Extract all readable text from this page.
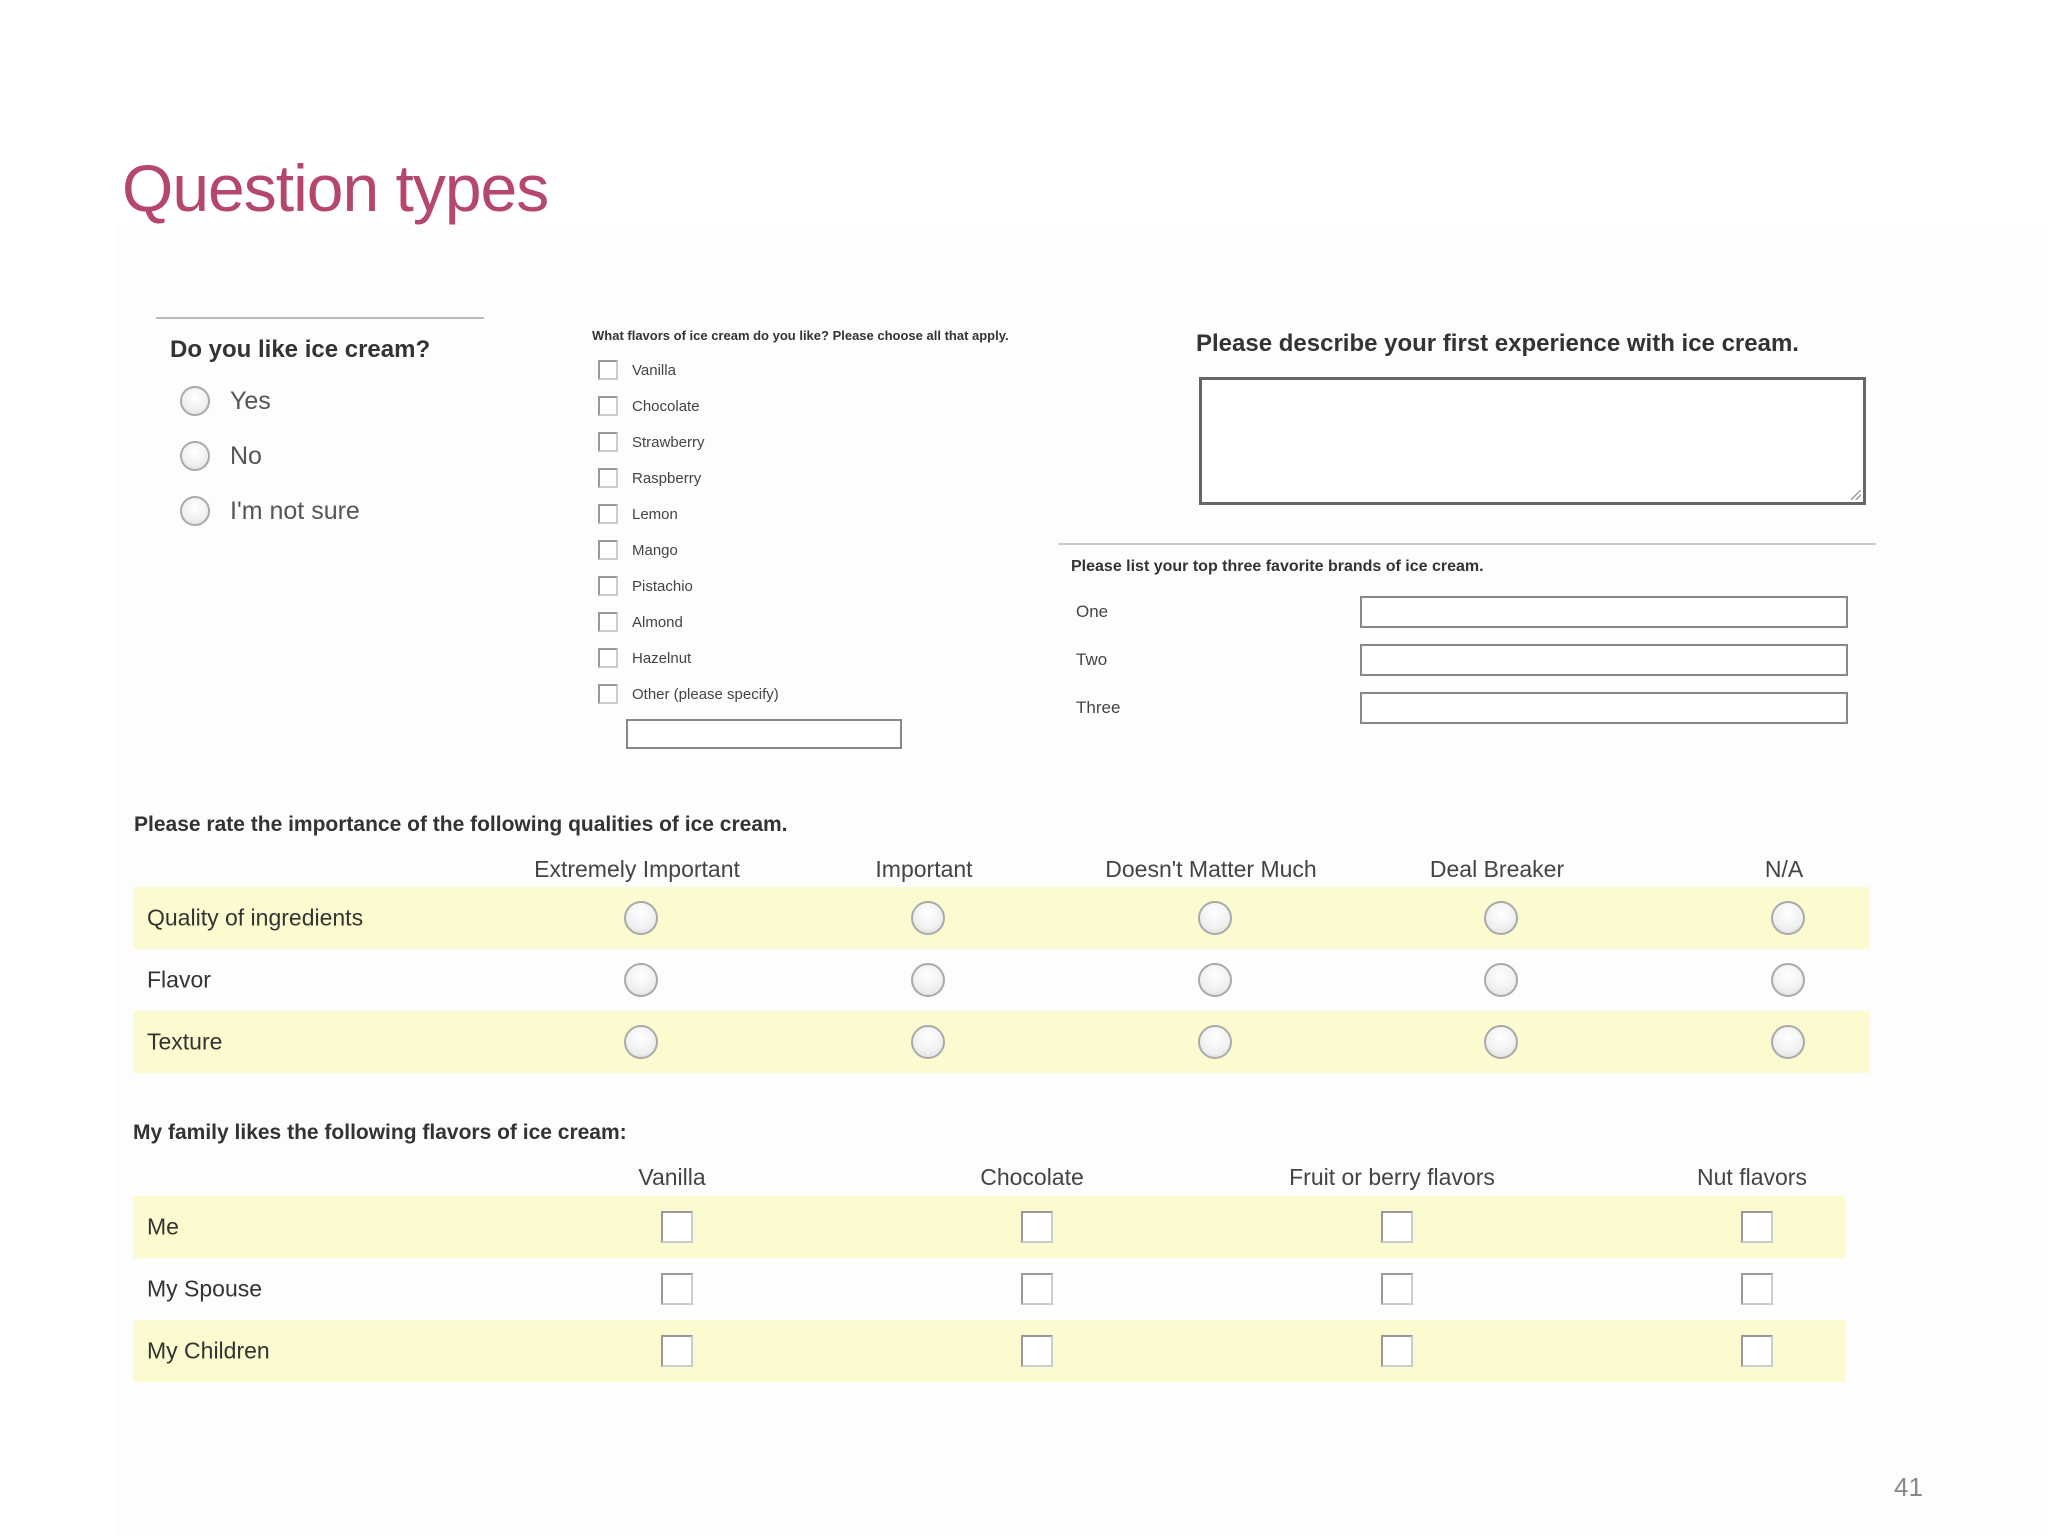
Question types
Do you like ice cream?
Yes
No
I'm not sure
What flavors of ice cream do you like? Please choose all that apply.
Vanilla
Chocolate
Strawberry
Raspberry
Lemon
Mango
Pistachio
Almond
Hazelnut
Other (please specify)
Please describe your first experience with ice cream.
Please list your top three favorite brands of ice cream.
One
Two
Three
Please rate the importance of the following qualities of ice cream.
Extremely Important	Important	Doesn't Matter Much	Deal Breaker	N/A
Quality of ingredients
Flavor
Texture
My family likes the following flavors of ice cream:
Vanilla	Chocolate	Fruit or berry flavors	Nut flavors
Me
My Spouse
My Children
41
